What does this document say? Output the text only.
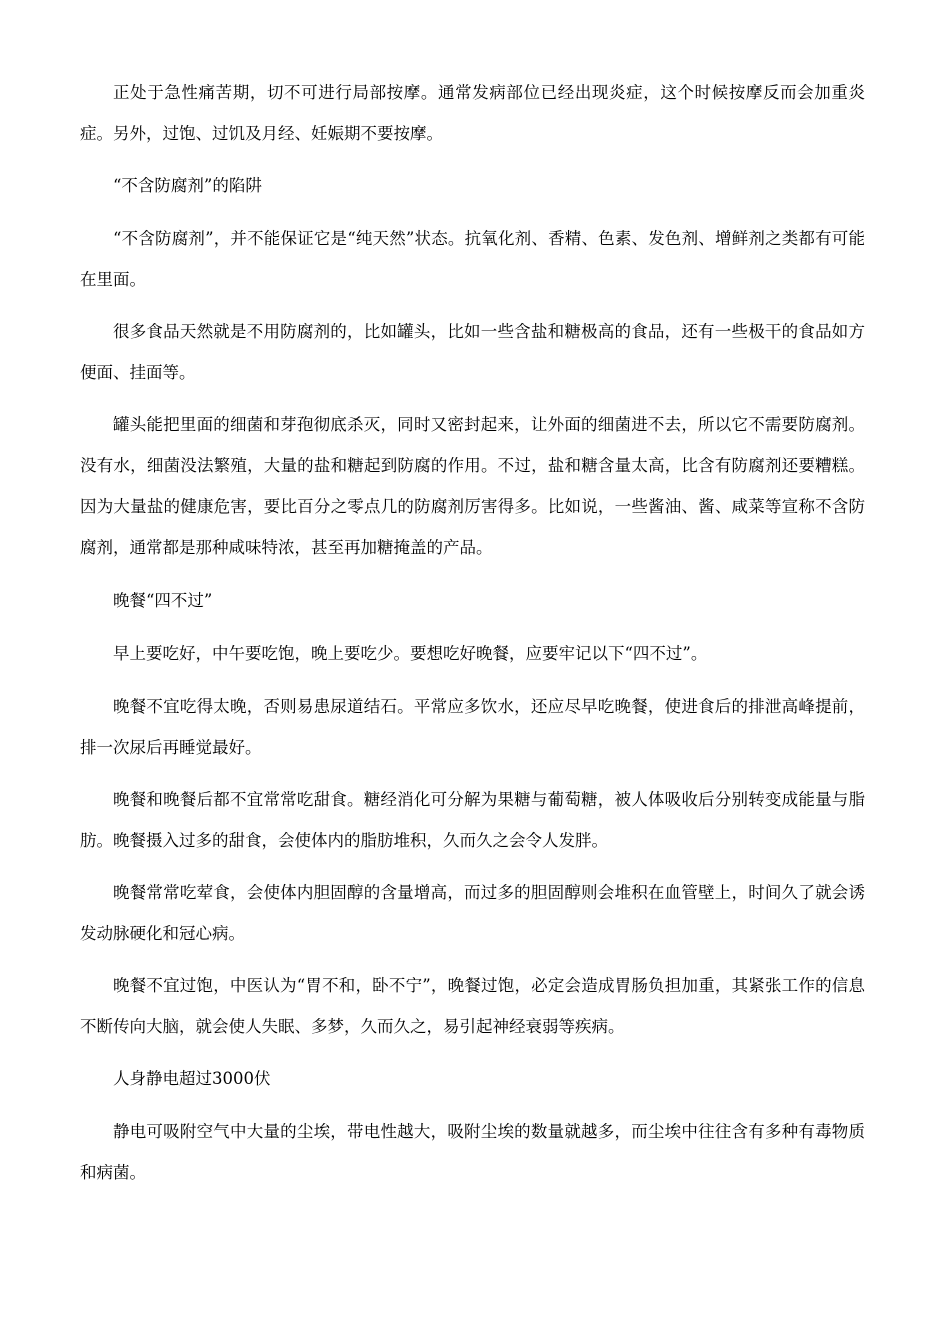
正处于急性痛苦期，切不可进行局部按摩。通常发病部位已经出现炎症，这个时候按摩反而会加重炎症。另外，过饱、过饥及月经、妊娠期不要按摩。

“不含防腐剂”的陷阱

“不含防腐剂”，并不能保证它是“纯天然”状态。抗氧化剂、香精、色素、发色剂、增鲜剂之类都有可能在里面。

很多食品天然就是不用防腐剂的，比如罐头，比如一些含盐和糖极高的食品，还有一些极干的食品如方便面、挂面等。

罐头能把里面的细菌和芽孢彻底杀灭，同时又密封起来，让外面的细菌进不去，所以它不需要防腐剂。没有水，细菌没法繁殖，大量的盐和糖起到防腐的作用。不过，盐和糖含量太高，比含有防腐剂还要糟糕。因为大量盐的健康危害，要比百分之零点几的防腐剂厉害得多。比如说，一些酱油、酱、咸菜等宣称不含防腐剂，通常都是那种咸味特浓，甚至再加糖掩盖的产品。

晚餐“四不过”

早上要吃好，中午要吃饱，晚上要吃少。要想吃好晚餐，应要牢记以下“四不过”。

晚餐不宜吃得太晚，否则易患尿道结石。平常应多饮水，还应尽早吃晚餐，使进食后的排泄高峰提前，排一次尿后再睡觉最好。

晚餐和晚餐后都不宜常常吃甜食。糖经消化可分解为果糖与葡萄糖，被人体吸收后分别转变成能量与脂肪。晚餐摄入过多的甜食，会使体内的脂肪堆积，久而久之会令人发胖。

晚餐常常吃荤食，会使体内胆固醇的含量增高，而过多的胆固醇则会堆积在血管壁上，时间久了就会诱发动脉硬化和冠心病。

晚餐不宜过饱，中医认为“胃不和，卧不宁”，晚餐过饱，必定会造成胃肠负担加重，其紧张工作的信息不断传向大脑，就会使人失眠、多梦，久而久之，易引起神经衰弱等疾病。

人身静电超过3000伏

静电可吸附空气中大量的尘埃，带电性越大，吸附尘埃的数量就越多，而尘埃中往往含有多种有毒物质和病菌。
